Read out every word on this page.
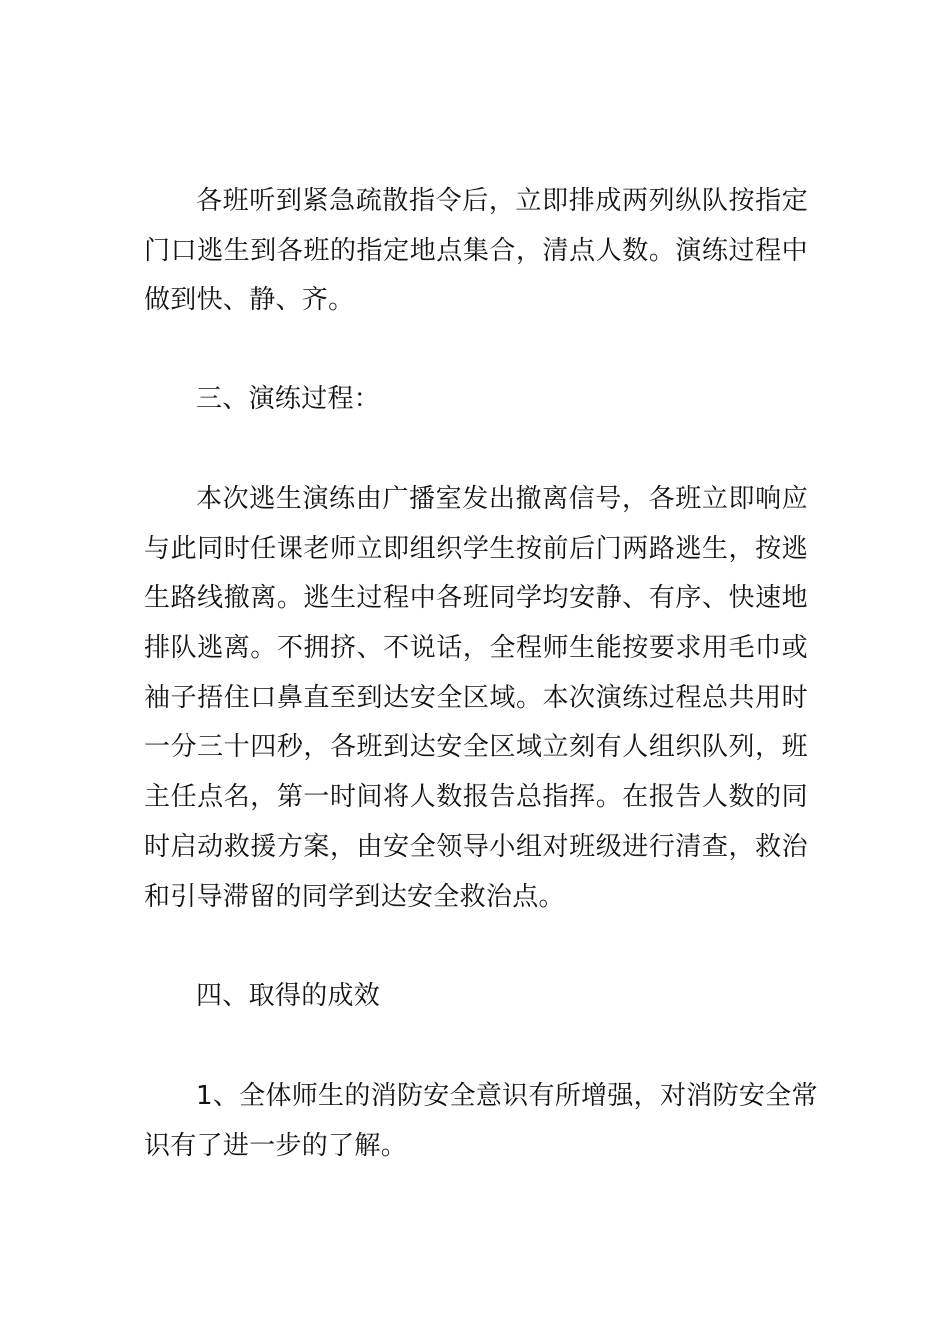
各班听到紧急疏散指令后，立即排成两列纵队按指定
门口逃生到各班的指定地点集合，清点人数。演练过程中
做到快、静、齐。
三、演练过程：
本次逃生演练由广播室发出撤离信号，各班立即响应
与此同时任课老师立即组织学生按前后门两路逃生，按逃
生路线撤离。逃生过程中各班同学均安静、有序、快速地
排队逃离。不拥挤、不说话，全程师生能按要求用毛巾或
袖子捂住口鼻直至到达安全区域。本次演练过程总共用时
一分三十四秒，各班到达安全区域立刻有人组织队列，班
主任点名，第一时间将人数报告总指挥。在报告人数的同
时启动救援方案，由安全领导小组对班级进行清查，救治
和引导滞留的同学到达安全救治点。
四、取得的成效
1、全体师生的消防安全意识有所增强，对消防安全常
识有了进一步的了解。
